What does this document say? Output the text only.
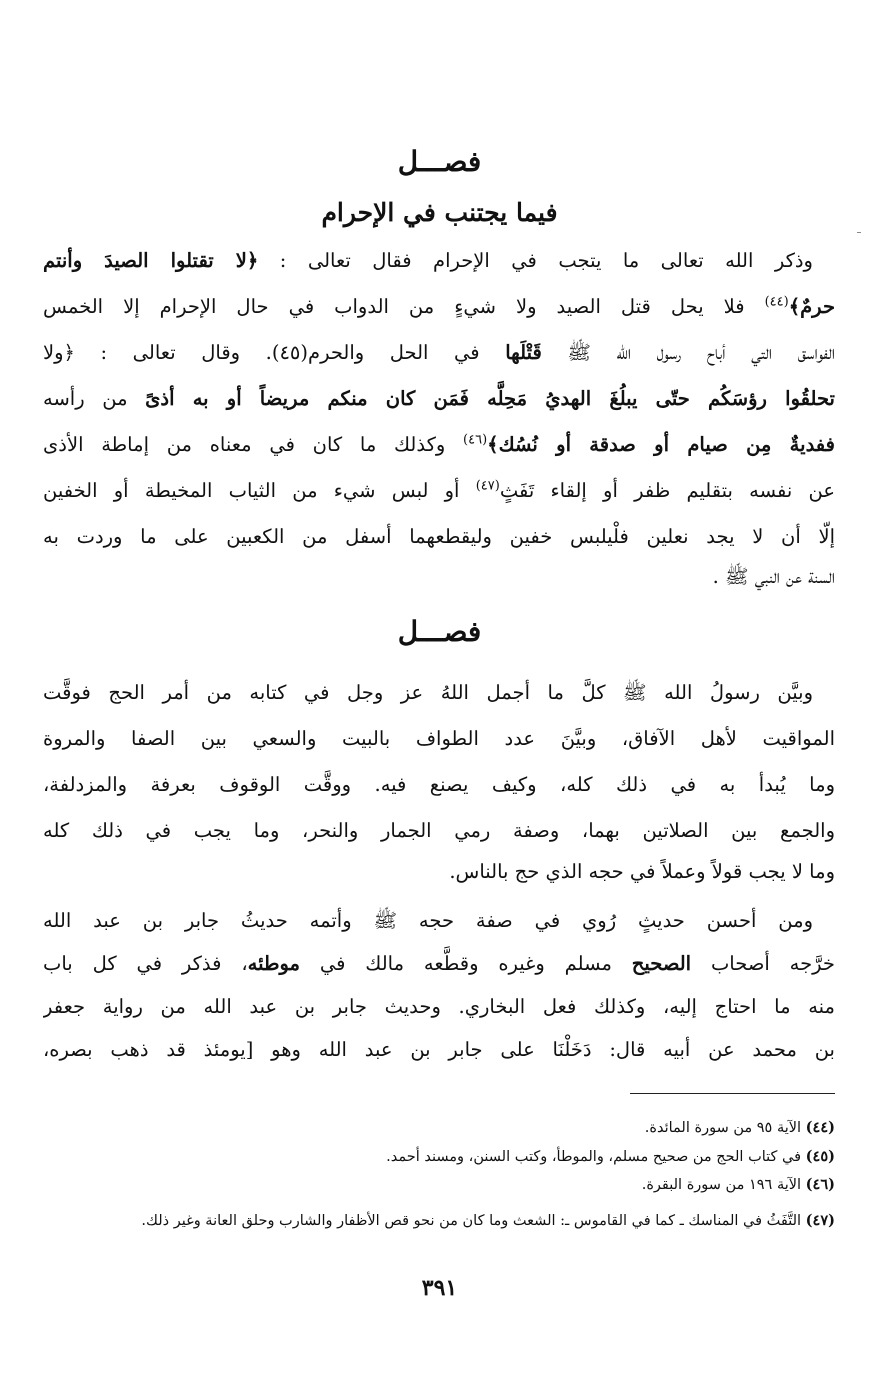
فصـــل
فيما يجتنب في الإحرام
وذكر الله تعالى ما يتجب في الإحرام فقال تعالى : ﴿لا تقتلوا الصيدَ وأنتم
حرمٌ﴾$^{(٤٤)}$ فلا يحل قتل الصيد ولا شيءٍ من الدواب في حال الإحرام إلا الخمس
الفواسق التي أباح رسول الله ﷺ قَتْلَها في الحل والحرم(٤٥). وقال تعالى : ﴿ولا
تحلقُوا رؤسَكُم حتّى يبلُغَ الهديُ مَحِلَّه فَمَن كان منكم مريضاً أو به أذىً من رأسه
ففديةٌ مِن صيام أو صدقة أو نُسُك﴾$^{(٤٦)}$ وكذلك ما كان في معناه من إماطة الأذى
عن نفسه بتقليم ظفر أو إلقاء تَفَثٍ$^{(٤٧)}$ أو لبس شيء من الثياب المخيطة أو الخفين
إلّا أن لا يجد نعلين فلْيلبس خفين وليقطعهما أسفل من الكعبين على ما وردت به
السنة عن النبي ﷺ .
فصـــل
وبيَّن رسولُ الله ﷺ كلَّ ما أجمل اللهُ عز وجل في كتابه من أمر الحج فوقَّت
المواقيت لأهل الآفاق، وبيَّنَ عدد الطواف بالبيت والسعي بين الصفا والمروة
وما يُبدأ به في ذلك كله، وكيف يصنع فيه. ووقَّت الوقوف بعرفة والمزدلفة،
والجمع بين الصلاتين بهما، وصفة رمي الجمار والنحر، وما يجب في ذلك كله
وما لا يجب قولاً وعملاً في حجه الذي حج بالناس.
ومن أحسن حديثٍ رُوي في صفة حجه ﷺ وأتمه حديثُ جابر بن عبد الله
خرَّجه أصحاب الصحيح مسلم وغيره وقطَّعه مالك في موطئه، فذكر في كل باب
منه ما احتاج إليه، وكذلك فعل البخاري. وحديث جابر بن عبد الله من رواية جعفر
بن محمد عن أبيه قال: دَخَلْنَا على جابر بن عبد الله وهو [يومئذ قد ذهب بصره،
(٤٤) الآية ٩٥ من سورة المائدة.
(٤٥) في كتاب الحج من صحيح مسلم، والموطأ، وكتب السنن، ومسند أحمد.
(٤٦) الآية ١٩٦ من سورة البقرة.
(٤٧) التَّفَثُ في المناسك ـ كما في القاموس ـ: الشعث وما كان من نحو قص الأظفار والشارب وحلق العانة وغير ذلك.
٣٩١
